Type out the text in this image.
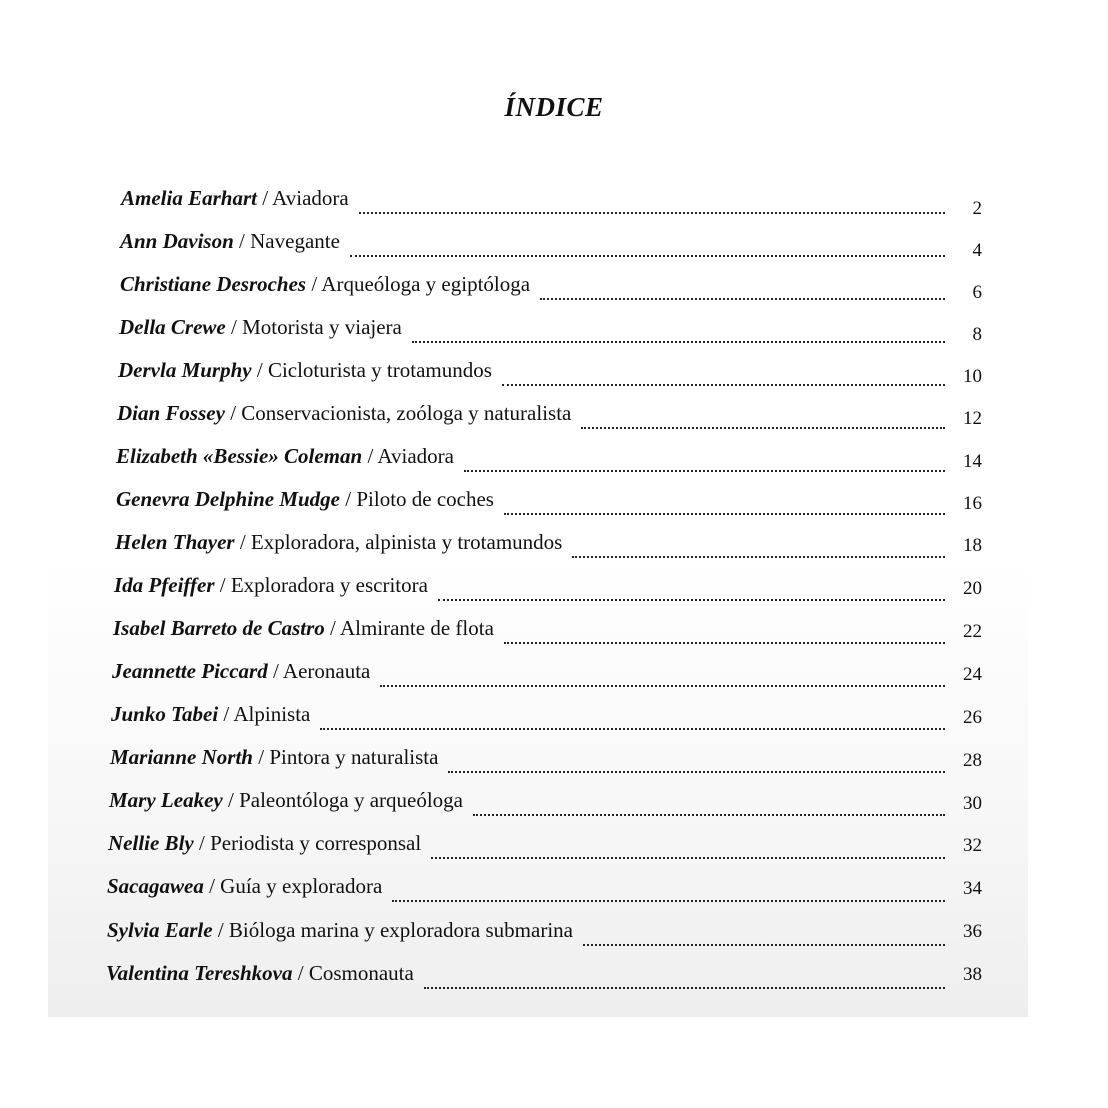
ÍNDICE
Amelia Earhart / Aviadora	2
Ann Davison / Navegante	4
Christiane Desroches / Arqueóloga y egiptóloga	6
Della Crewe / Motorista y viajera	8
Dervla Murphy / Cicloturista y trotamundos	10
Dian Fossey / Conservacionista, zoóloga y naturalista	12
Elizabeth «Bessie» Coleman / Aviadora	14
Genevra Delphine Mudge / Piloto de coches	16
Helen Thayer / Exploradora, alpinista y trotamundos	18
Ida Pfeiffer / Exploradora y escritora	20
Isabel Barreto de Castro / Almirante de flota	22
Jeannette Piccard / Aeronauta	24
Junko Tabei / Alpinista	26
Marianne North / Pintora y naturalista	28
Mary Leakey / Paleontóloga y arqueóloga	30
Nellie Bly / Periodista y corresponsal	32
Sacagawea / Guía y exploradora	34
Sylvia Earle / Bióloga marina y exploradora submarina	36
Valentina Tereshkova / Cosmonauta	38
